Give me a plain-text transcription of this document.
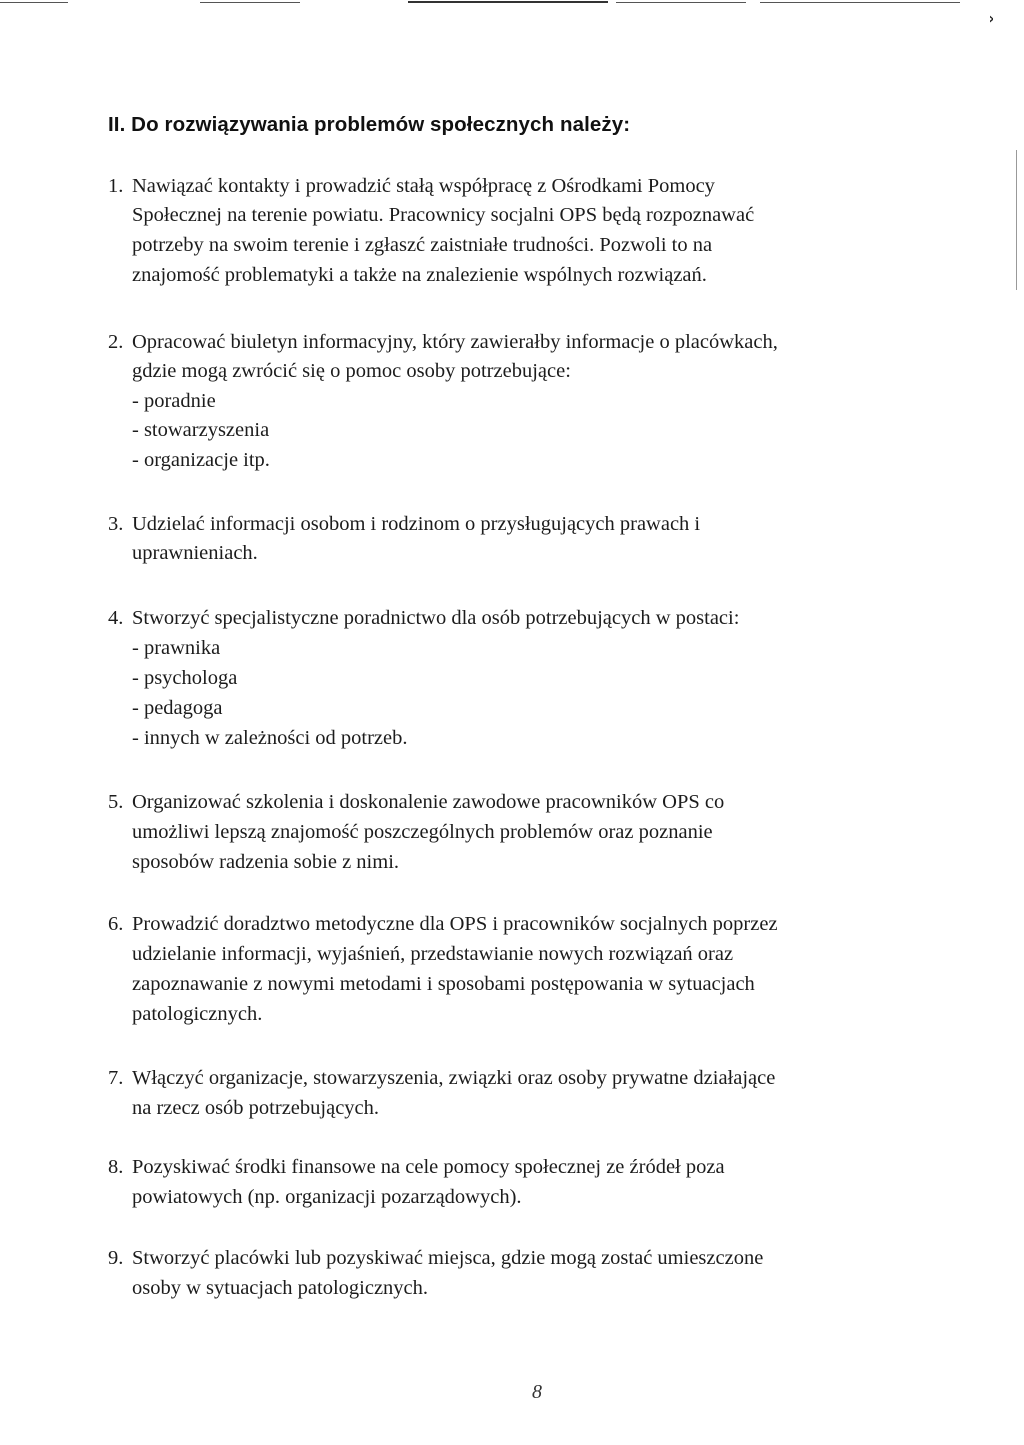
ꞈ
II. Do rozwiązywania problemów społecznych należy:
1. Nawiązać kontakty i prowadzić stałą współpracę z Ośrodkami Pomocy
Społecznej na terenie powiatu. Pracownicy socjalni OPS będą rozpoznawać
potrzeby na swoim terenie i zgłaszć zaistniałe trudności. Pozwoli to na
znajomość problematyki a także na znalezienie wspólnych rozwiązań.
2. Opracować biuletyn informacyjny, który zawierałby informacje o placówkach,
gdzie mogą zwrócić się o pomoc osoby potrzebujące:
- poradnie
- stowarzyszenia
- organizacje itp.
3. Udzielać informacji osobom i rodzinom o przysługujących prawach i
uprawnieniach.
4. Stworzyć specjalistyczne poradnictwo dla osób potrzebujących w postaci:
- prawnika
- psychologa
- pedagoga
- innych w zależności od potrzeb.
5. Organizować szkolenia i doskonalenie zawodowe pracowników OPS co
umożliwi lepszą znajomość poszczególnych problemów oraz poznanie
sposobów radzenia sobie z nimi.
6. Prowadzić doradztwo metodyczne dla OPS i pracowników socjalnych poprzez
udzielanie informacji, wyjaśnień, przedstawianie nowych rozwiązań oraz
zapoznawanie z nowymi metodami i sposobami postępowania w sytuacjach
patologicznych.
7. Włączyć organizacje, stowarzyszenia, związki oraz osoby prywatne działające
na rzecz osób potrzebujących.
8. Pozyskiwać środki finansowe na cele pomocy społecznej ze źródeł poza
powiatowych (np. organizacji pozarządowych).
9. Stworzyć placówki lub pozyskiwać miejsca, gdzie mogą zostać umieszczone
osoby w sytuacjach patologicznych.
8
